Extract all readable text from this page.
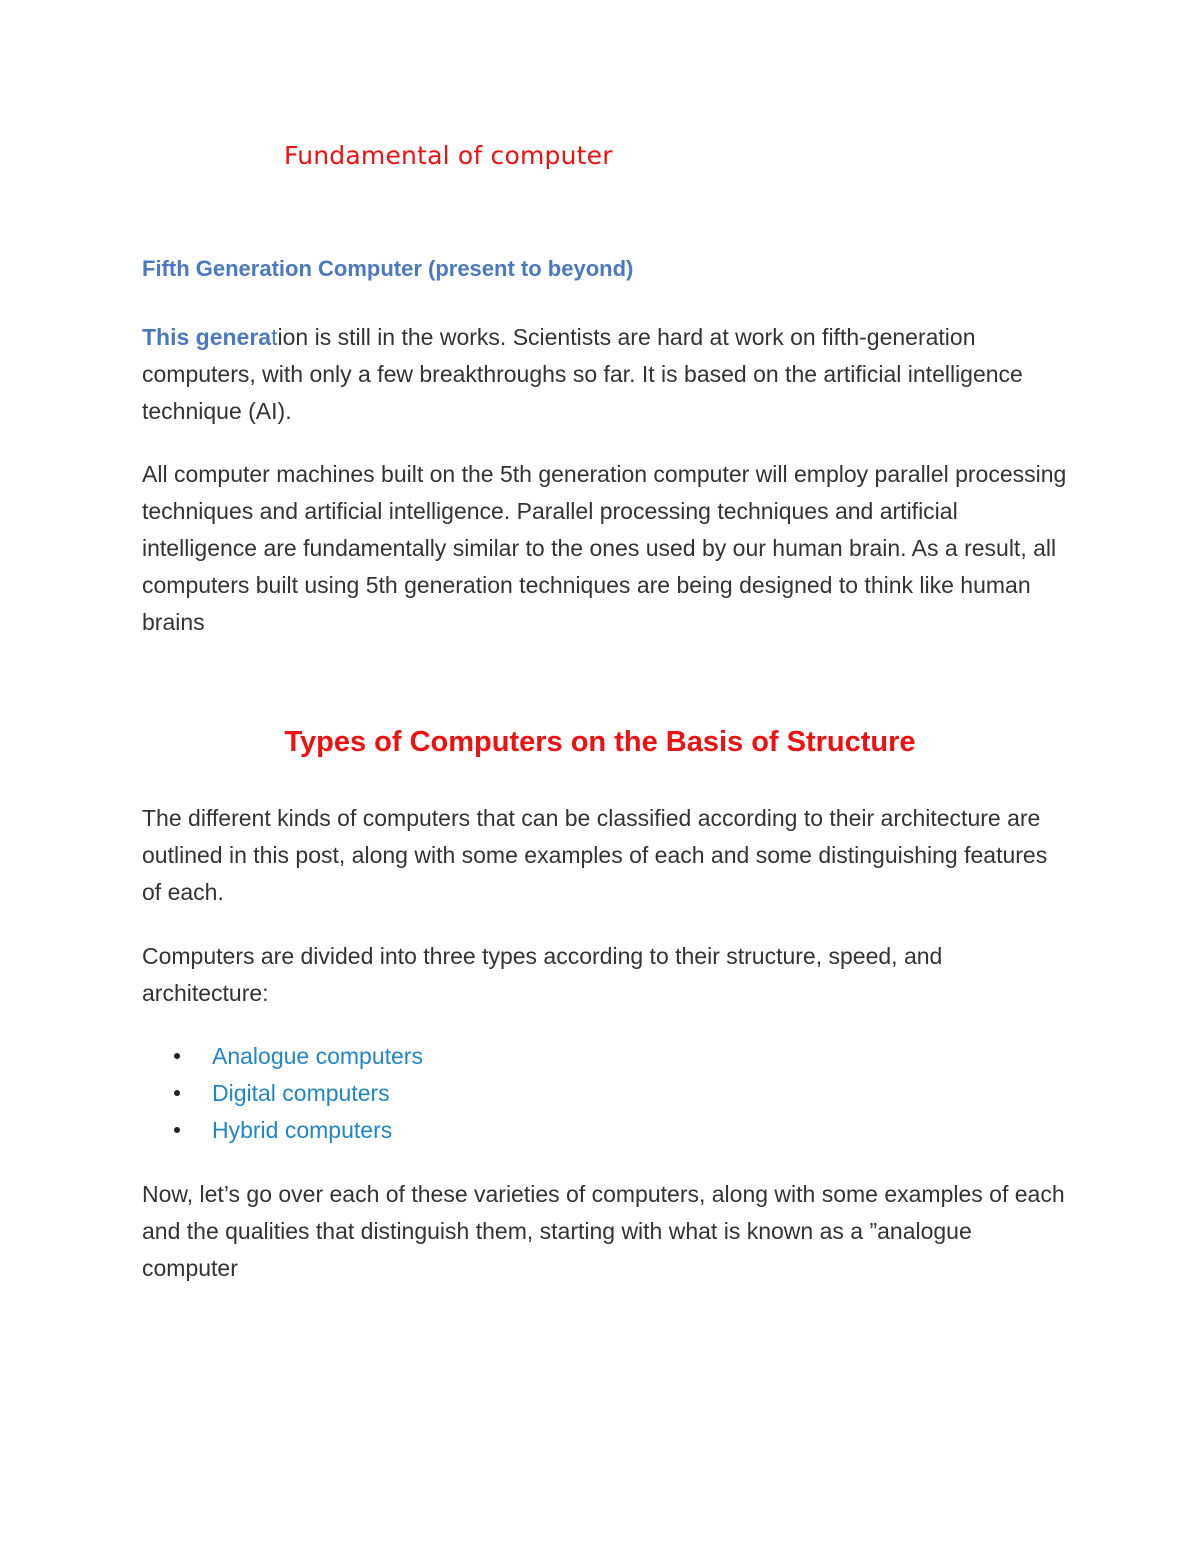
Fundamental of computer
Fifth Generation Computer (present to beyond)

This generation is still in the works. Scientists are hard at work on fifth-generation computers, with only a few breakthroughs so far. It is based on the artificial intelligence technique (AI).

All computer machines built on the 5th generation computer will employ parallel processing techniques and artificial intelligence. Parallel processing techniques and artificial intelligence are fundamentally similar to the ones used by our human brain. As a result, all computers built using 5th generation techniques are being designed to think like human brains

Types of Computers on the Basis of Structure

The different kinds of computers that can be classified according to their architecture are outlined in this post, along with some examples of each and some distinguishing features of each.

Computers are divided into three types according to their structure, speed, and architecture:

Analogue computers
Digital computers
Hybrid computers

Now, let’s go over each of these varieties of computers, along with some examples of each and the qualities that distinguish them, starting with what is known as a ”analogue computer
